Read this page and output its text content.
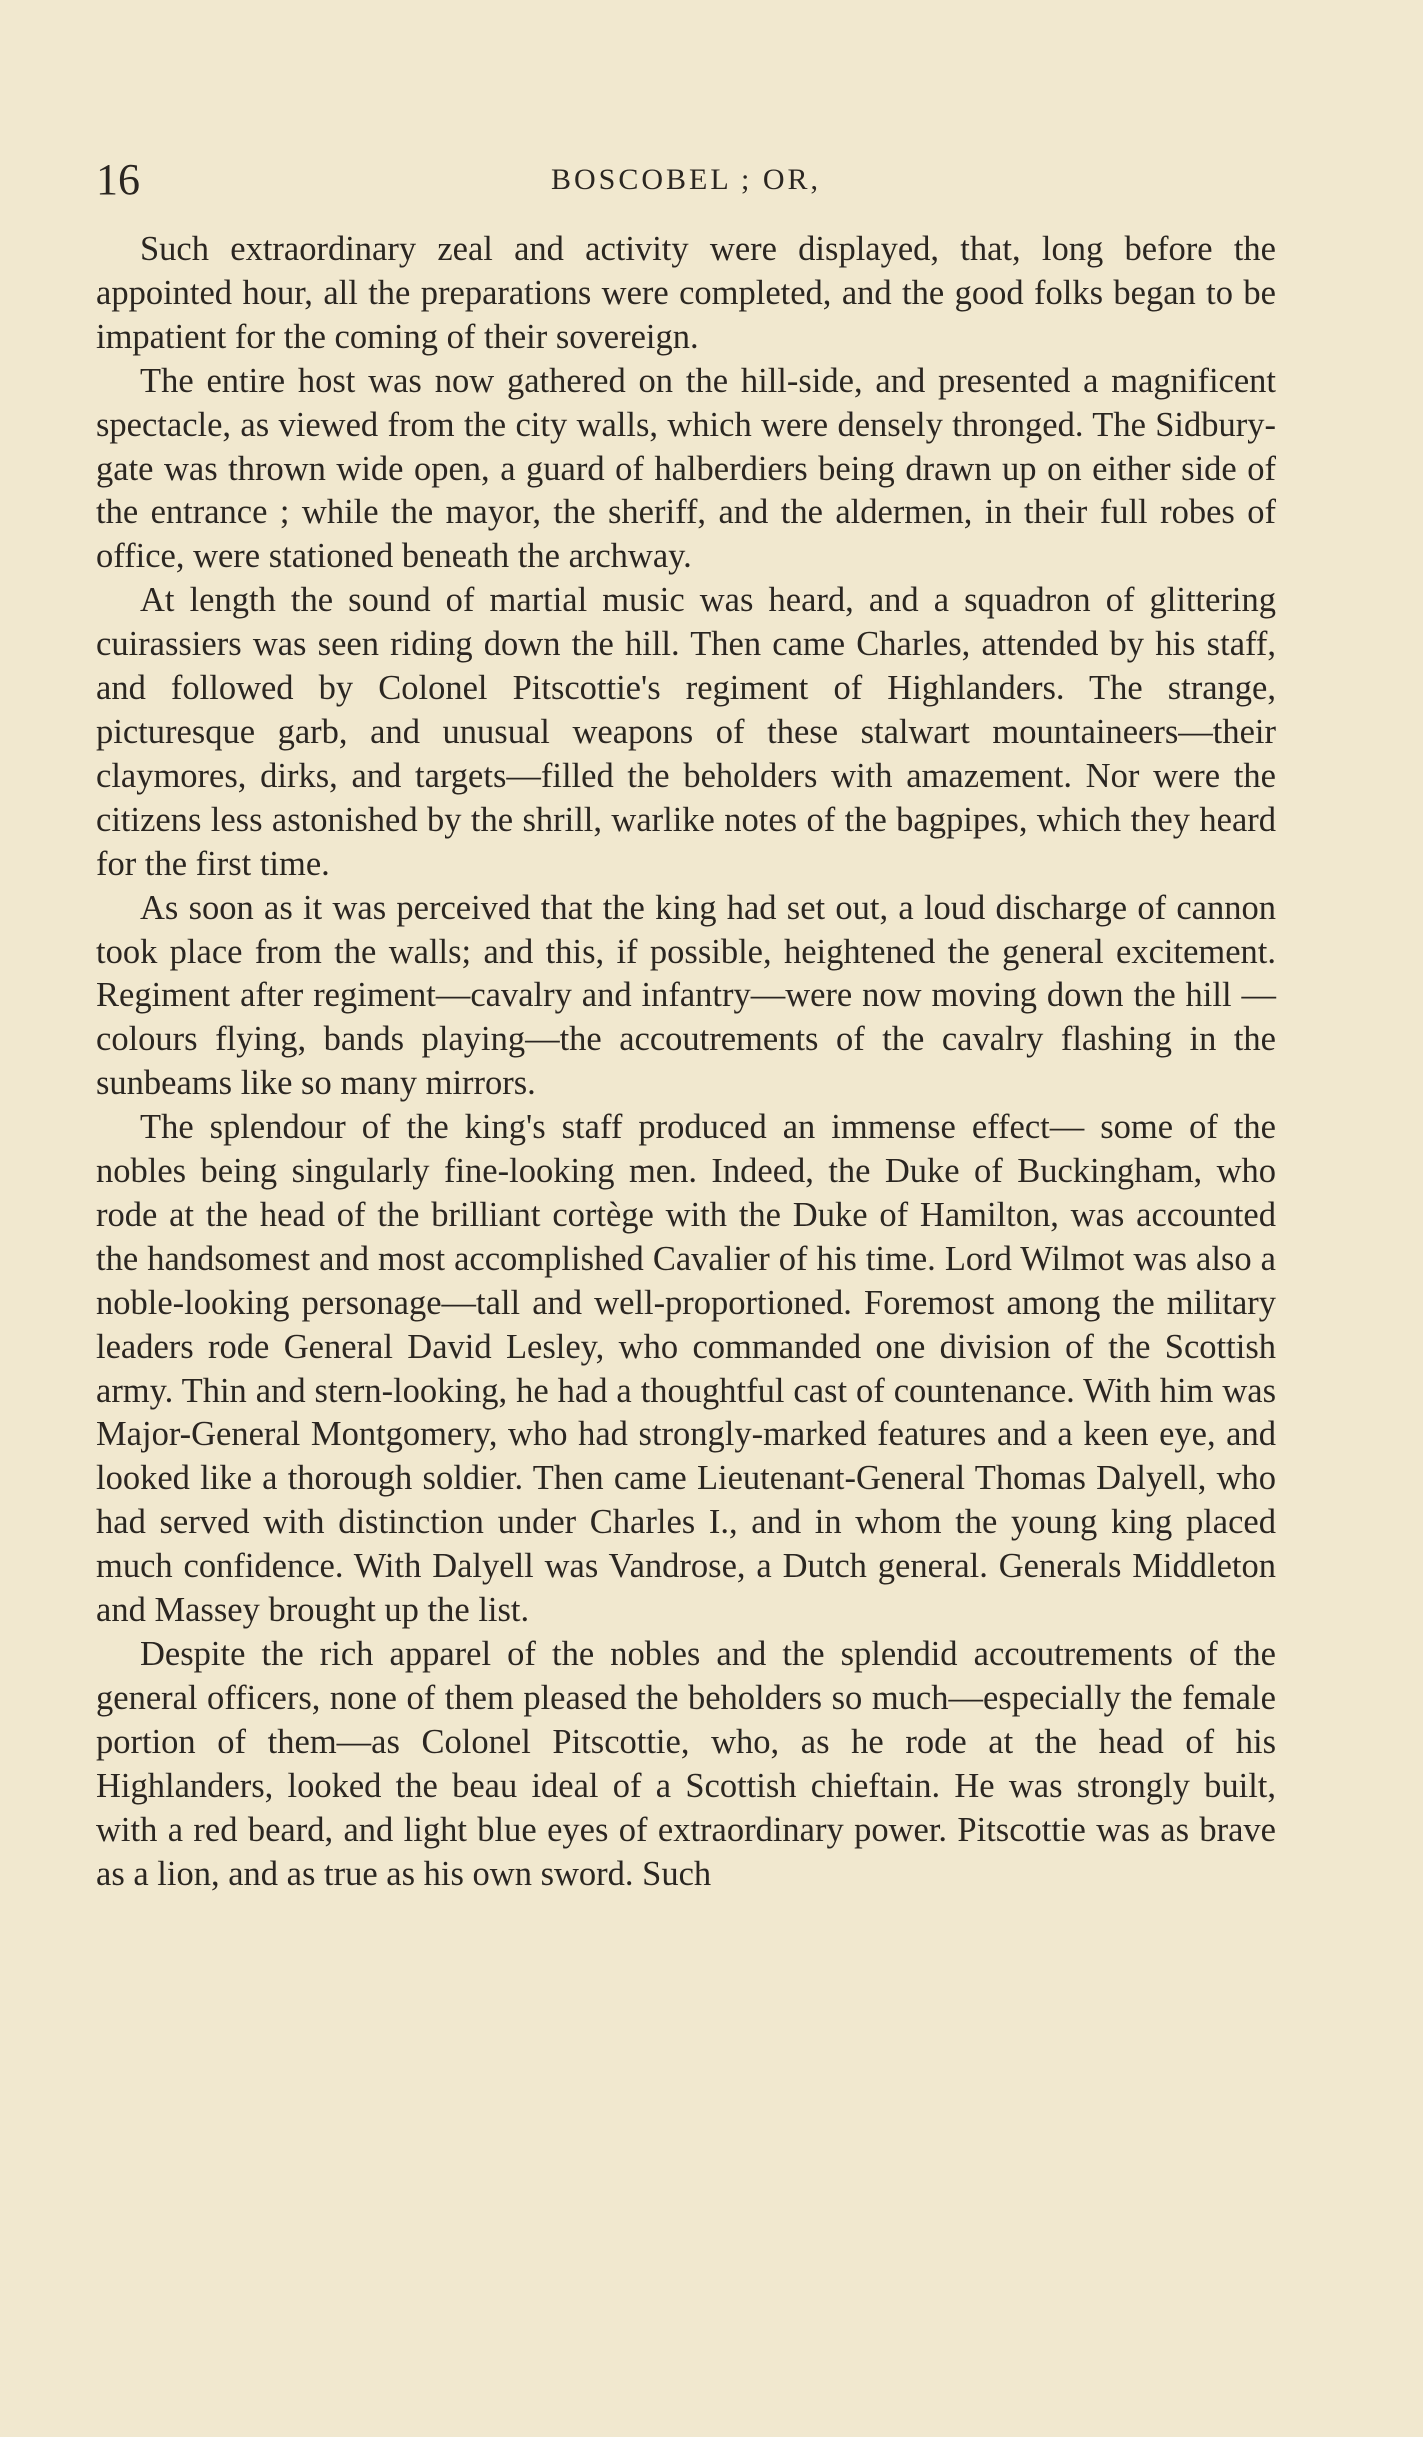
16	BOSCOBEL ; OR,

Such extraordinary zeal and activity were displayed, that, long before the appointed hour, all the preparations were completed, and the good folks began to be impatient for the coming of their sovereign.

The entire host was now gathered on the hill-side, and presented a magnificent spectacle, as viewed from the city walls, which were densely thronged. The Sidbury-gate was thrown wide open, a guard of halberdiers being drawn up on either side of the entrance ; while the mayor, the sheriff, and the aldermen, in their full robes of office, were stationed beneath the archway.

At length the sound of martial music was heard, and a squadron of glittering cuirassiers was seen riding down the hill. Then came Charles, attended by his staff, and followed by Colonel Pitscottie's regiment of Highlanders. The strange, picturesque garb, and unusual weapons of these stalwart mountaineers—their claymores, dirks, and targets—filled the beholders with amazement. Nor were the citizens less astonished by the shrill, warlike notes of the bagpipes, which they heard for the first time.

As soon as it was perceived that the king had set out, a loud discharge of cannon took place from the walls; and this, if possible, heightened the general excitement. Regiment after regiment—cavalry and infantry—were now moving down the hill —colours flying, bands playing—the accoutrements of the cavalry flashing in the sunbeams like so many mirrors.

The splendour of the king's staff produced an immense effect— some of the nobles being singularly fine-looking men. Indeed, the Duke of Buckingham, who rode at the head of the brilliant cortège with the Duke of Hamilton, was accounted the handsomest and most accomplished Cavalier of his time. Lord Wilmot was also a noble-looking personage—tall and well-proportioned. Foremost among the military leaders rode General David Lesley, who commanded one division of the Scottish army. Thin and stern-looking, he had a thoughtful cast of countenance. With him was Major-General Montgomery, who had strongly-marked features and a keen eye, and looked like a thorough soldier. Then came Lieutenant-General Thomas Dalyell, who had served with distinction under Charles I., and in whom the young king placed much confidence. With Dalyell was Vandrose, a Dutch general. Generals Middleton and Massey brought up the list.

Despite the rich apparel of the nobles and the splendid accoutrements of the general officers, none of them pleased the beholders so much—especially the female portion of them—as Colonel Pitscottie, who, as he rode at the head of his Highlanders, looked the beau ideal of a Scottish chieftain. He was strongly built, with a red beard, and light blue eyes of extraordinary power. Pitscottie was as brave as a lion, and as true as his own sword. Such
